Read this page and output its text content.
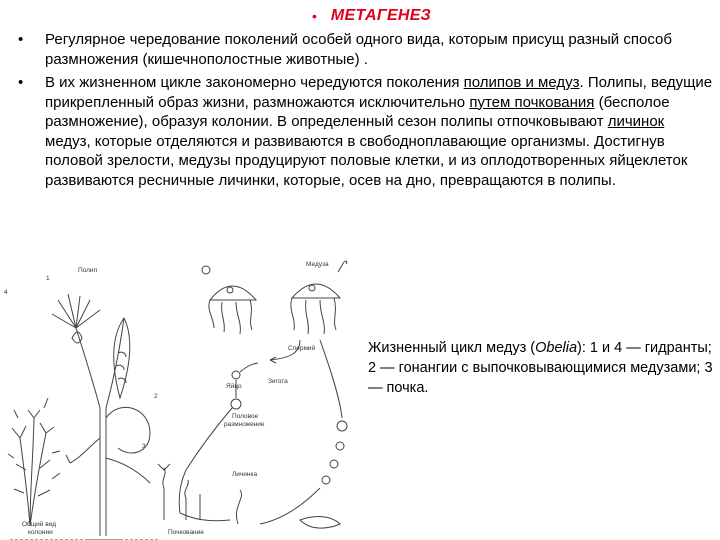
• МЕТАГЕНЕЗ
• Регулярное чередование поколений особей одного вида, которым присущ разный способ размножения (кишечнополостные животные) .
• В их жизненном цикле закономерно чередуются поколения полипов и медуз. Полипы, ведущие прикрепленный образ жизни, размножаются исключительно путем почкования (бесполое размножение), образуя колонии. В определенный сезон полипы отпочковывают личинок медуз, которые отделяются и развиваются в свободноплавающие организмы. Достигнув половой зрелости, медузы продуцируют половые клетки, и из оплодотворенных яйцеклеток развиваются ресничные личинки, которые, осев на дно, превращаются в полипы.
Полип
Медуза
Спермий
Яйцо
Зигота
Половое
размножение
Личинка
Почкование
Общий вид
колонии
1
4
2
3
Жизненный цикл медуз (Obelia): 1 и 4 — гидранты; 2 — гонангии с выпочковывающимися медузами; 3 — почка.
